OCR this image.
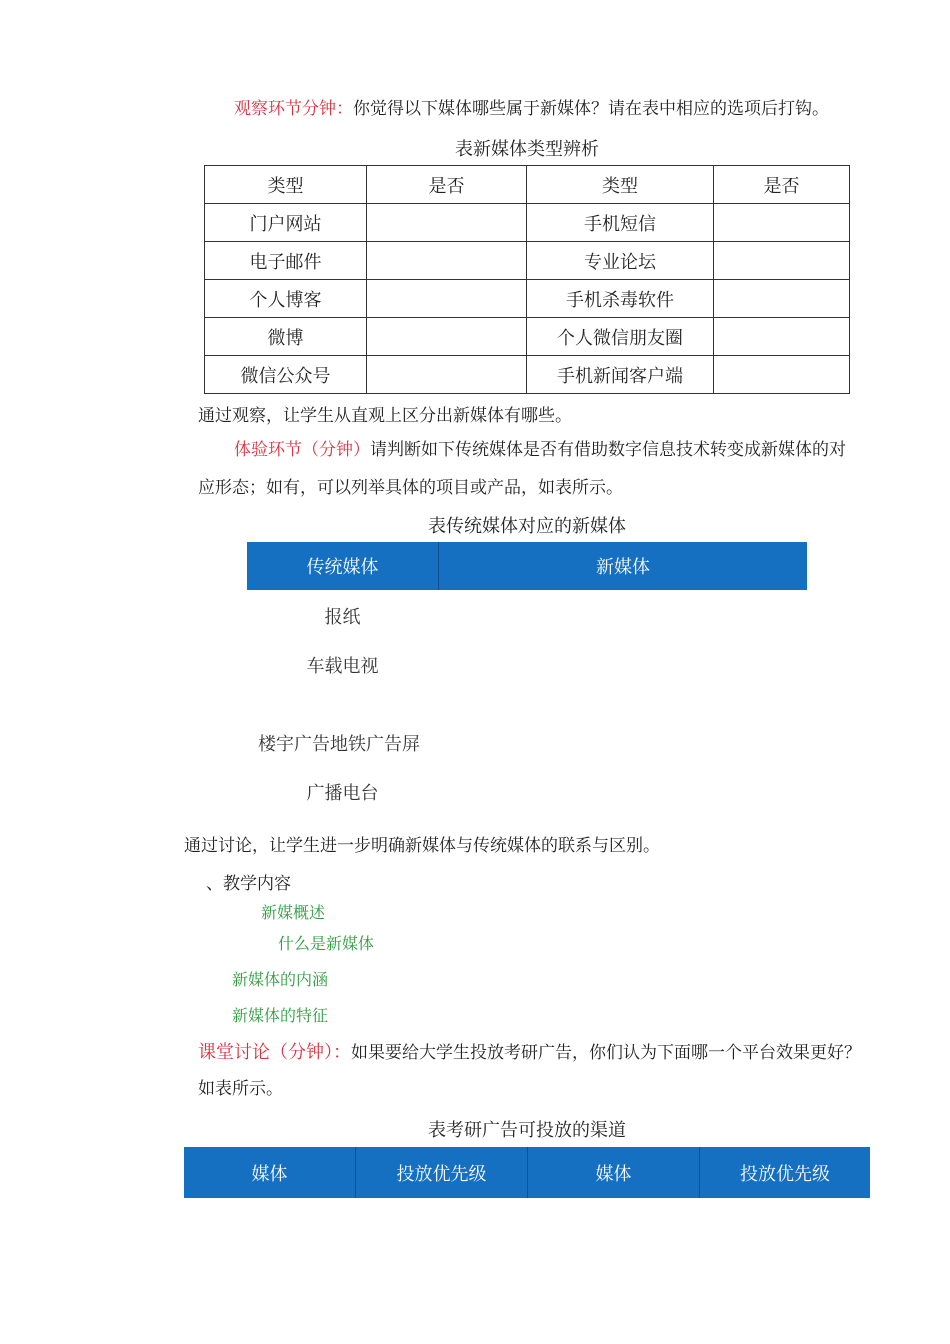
观察环节分钟：你觉得以下媒体哪些属于新媒体？请在表中相应的选项后打钩。
表新媒体类型辨析
类型	是否	类型	是否
门户网站		手机短信	
电子邮件		专业论坛	
个人博客		手机杀毒软件	
微博		个人微信朋友圈	
微信公众号		手机新闻客户端	
通过观察，让学生从直观上区分出新媒体有哪些。
体验环节（分钟）请判断如下传统媒体是否有借助数字信息技术转变成新媒体的对
应形态；如有，可以列举具体的项目或产品，如表所示。
表传统媒体对应的新媒体
传统媒体	新媒体
报纸
车载电视
楼宇广告地铁广告屏
广播电台
通过讨论，让学生进一步明确新媒体与传统媒体的联系与区别。
、教学内容
新媒概述
什么是新媒体
新媒体的内涵
新媒体的特征
课堂讨论（分钟）：如果要给大学生投放考研广告，你们认为下面哪一个平台效果更好？
如表所示。
表考研广告可投放的渠道
媒体	投放优先级	媒体	投放优先级
